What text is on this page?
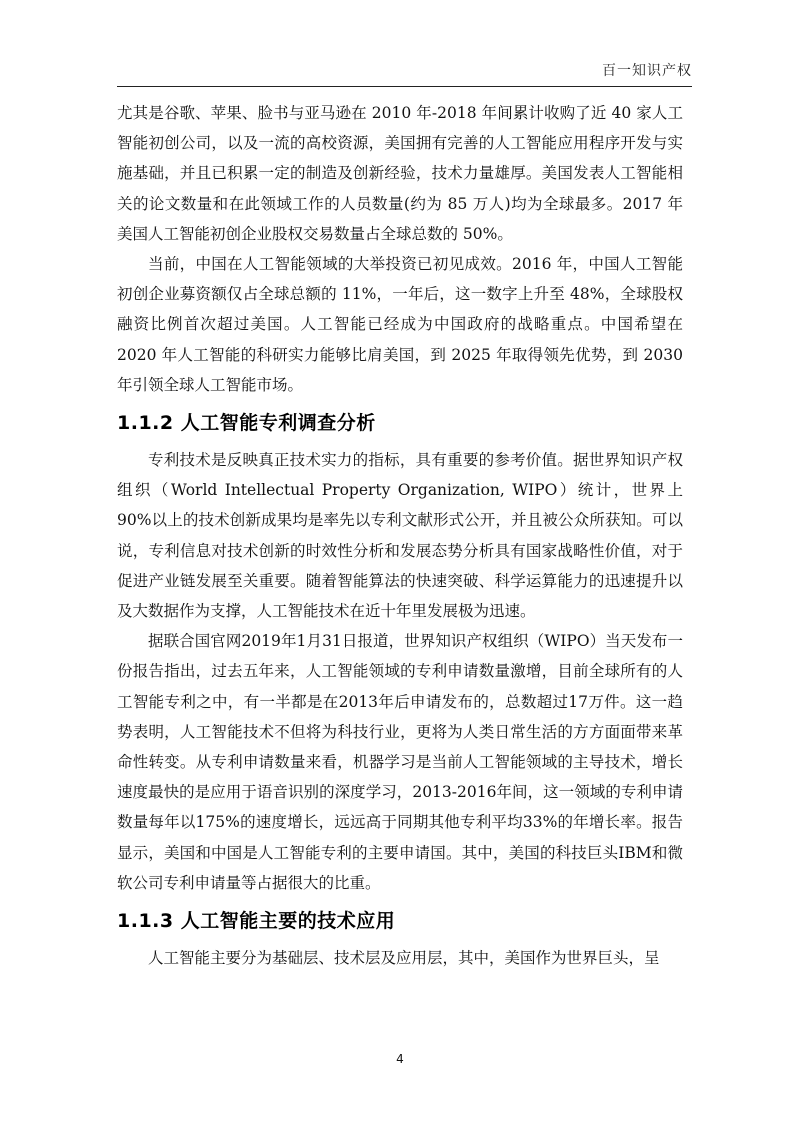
百一知识产权

尤其是谷歌、苹果、脸书与亚马逊在 2010 年-2018 年间累计收购了近 40 家人工智能初创公司，以及一流的高校资源，美国拥有完善的人工智能应用程序开发与实施基础，并且已积累一定的制造及创新经验，技术力量雄厚。美国发表人工智能相关的论文数量和在此领域工作的人员数量(约为 85 万人)均为全球最多。2017 年美国人工智能初创企业股权交易数量占全球总数的 50%。

当前，中国在人工智能领域的大举投资已初见成效。2016 年，中国人工智能初创企业募资额仅占全球总额的 11%，一年后，这一数字上升至 48%，全球股权融资比例首次超过美国。人工智能已经成为中国政府的战略重点。中国希望在 2020 年人工智能的科研实力能够比肩美国，到 2025 年取得领先优势，到 2030 年引领全球人工智能市场。

1.1.2 人工智能专利调查分析

专利技术是反映真正技术实力的指标，具有重要的参考价值。据世界知识产权组织（World Intellectual Property Organization, WIPO）统计，世界上 90%以上的技术创新成果均是率先以专利文献形式公开，并且被公众所获知。可以说，专利信息对技术创新的时效性分析和发展态势分析具有国家战略性价值，对于促进产业链发展至关重要。随着智能算法的快速突破、科学运算能力的迅速提升以及大数据作为支撑，人工智能技术在近十年里发展极为迅速。

据联合国官网2019年1月31日报道，世界知识产权组织（WIPO）当天发布一份报告指出，过去五年来，人工智能领域的专利申请数量激增，目前全球所有的人工智能专利之中，有一半都是在2013年后申请发布的，总数超过17万件。这一趋势表明，人工智能技术不但将为科技行业，更将为人类日常生活的方方面面带来革命性转变。从专利申请数量来看，机器学习是当前人工智能领域的主导技术，增长速度最快的是应用于语音识别的深度学习，2013-2016年间，这一领域的专利申请数量每年以175%的速度增长，远远高于同期其他专利平均33%的年增长率。报告显示，美国和中国是人工智能专利的主要申请国。其中，美国的科技巨头IBM和微软公司专利申请量等占据很大的比重。

1.1.3 人工智能主要的技术应用

人工智能主要分为基础层、技术层及应用层，其中，美国作为世界巨头，呈

4
